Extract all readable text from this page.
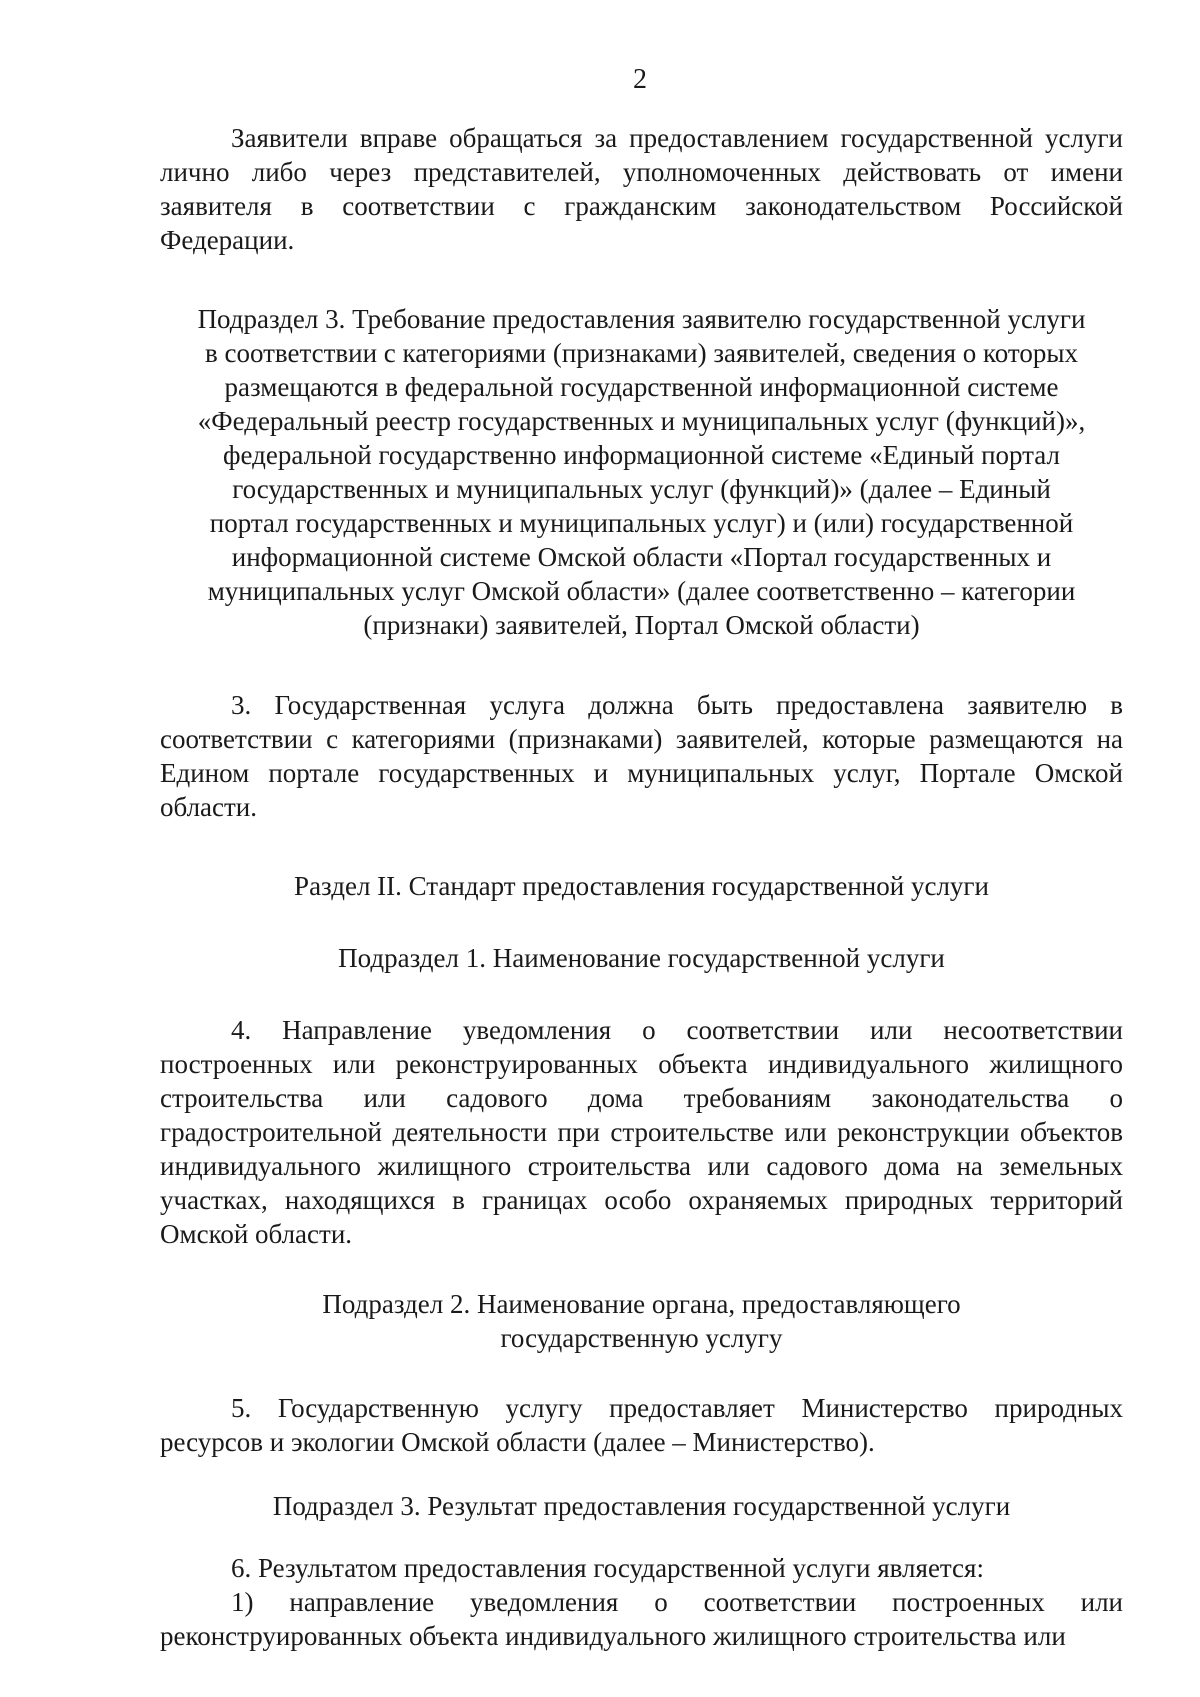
2

Заявители вправе обращаться за предоставлением государственной услуги лично либо через представителей, уполномоченных действовать от имени заявителя в соответствии с гражданским законодательством Российской Федерации.

Подраздел 3. Требование предоставления заявителю государственной услуги
в соответствии с категориями (признаками) заявителей, сведения о которых
размещаются в федеральной государственной информационной системе
«Федеральный реестр государственных и муниципальных услуг (функций)»,
федеральной государственно информационной системе «Единый портал
государственных и муниципальных услуг (функций)» (далее – Единый
портал государственных и муниципальных услуг) и (или) государственной
информационной системе Омской области «Портал государственных и
муниципальных услуг Омской области» (далее соответственно – категории
(признаки) заявителей, Портал Омской области)

3. Государственная услуга должна быть предоставлена заявителю в соответствии с категориями (признаками) заявителей, которые размещаются на Едином портале государственных и муниципальных услуг, Портале Омской области.

Раздел II. Стандарт предоставления государственной услуги
Подраздел 1. Наименование государственной услуги

4. Направление уведомления о соответствии или несоответствии построенных или реконструированных объекта индивидуального жилищного строительства или садового дома требованиям законодательства о градостроительной деятельности при строительстве или реконструкции объектов индивидуального жилищного строительства или садового дома на земельных участках, находящихся в границах особо охраняемых природных территорий Омской области.

Подраздел 2. Наименование органа, предоставляющего
государственную услугу

5. Государственную услугу предоставляет Министерство природных ресурсов и экологии Омской области (далее – Министерство).

Подраздел 3. Результат предоставления государственной услуги

6. Результатом предоставления государственной услуги является:

1) направление уведомления о соответствии построенных или реконструированных объекта индивидуального жилищного строительства или
